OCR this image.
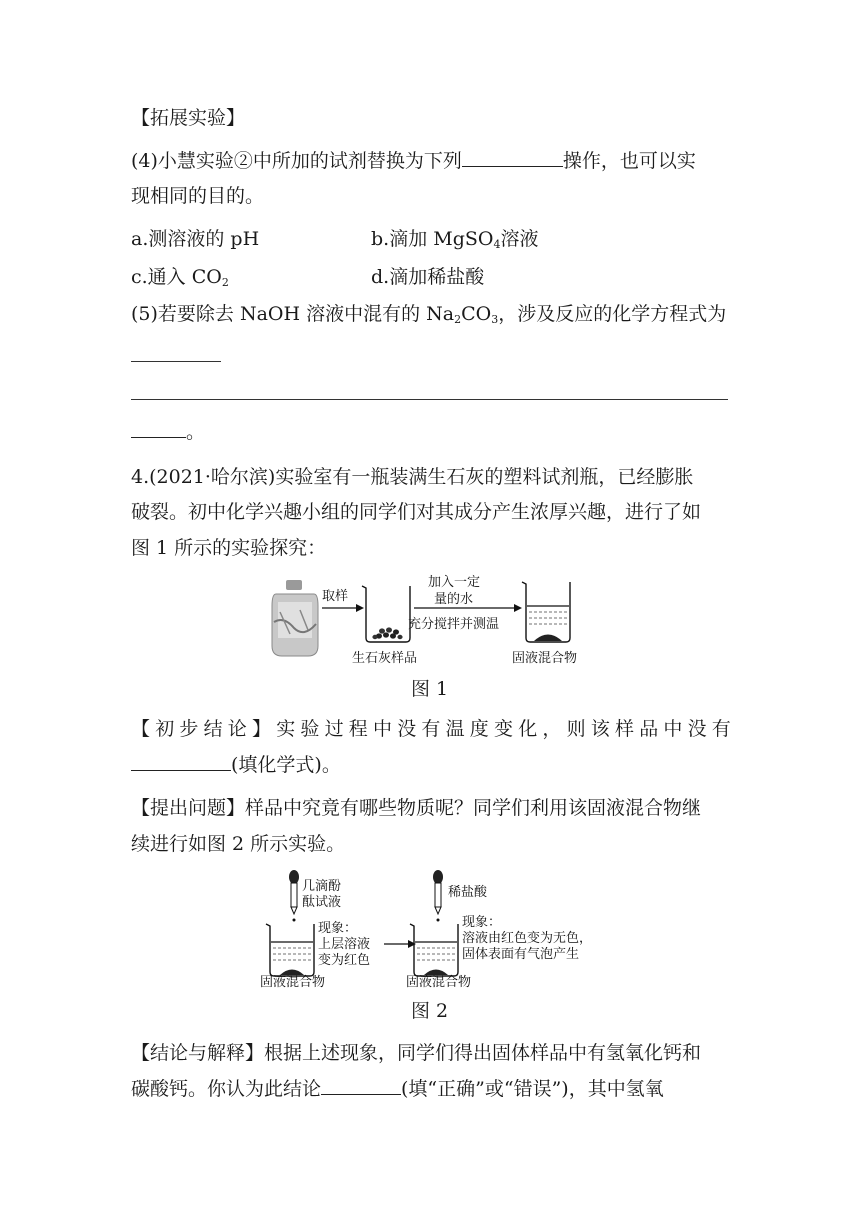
【拓展实验】
(4)小慧实验②中所加的试剂替换为下列	操作，也可以实
现相同的目的。
a.测溶液的 pH	b.滴加 MgSO$_4$溶液
c.通入 $CO_2$	d.滴加稀盐酸
(5)若要除去 NaOH 溶液中混有的 $Na_2CO_3$，涉及反应的化学方程式为
。
4.(2021·哈尔滨)实验室有一瓶装满生石灰的塑料试剂瓶，已经膨胀
破裂。初中化学兴趣小组的同学们对其成分产生浓厚兴趣，进行了如
图 1 所示的实验探究：
取样
加入一定
量的水
充分搅拌并测温
生石灰样品	固液混合物
图 1
【初步结论】实验过程中没有温度变化，则该样品中没有
(填化学式)。
【提出问题】样品中究竟有哪些物质呢？同学们利用该固液混合物继
续进行如图 2 所示实验。
几滴酚
酞试液
现象：
上层溶液
变为红色
稀盐酸
现象：
溶液由红色变为无色，
固体表面有气泡产生
固液混合物	固液混合物
图 2
【结论与解释】根据上述现象，同学们得出固体样品中有氢氧化钙和
碳酸钙。你认为此结论	(填“正确”或“错误”)，其中氢氧
